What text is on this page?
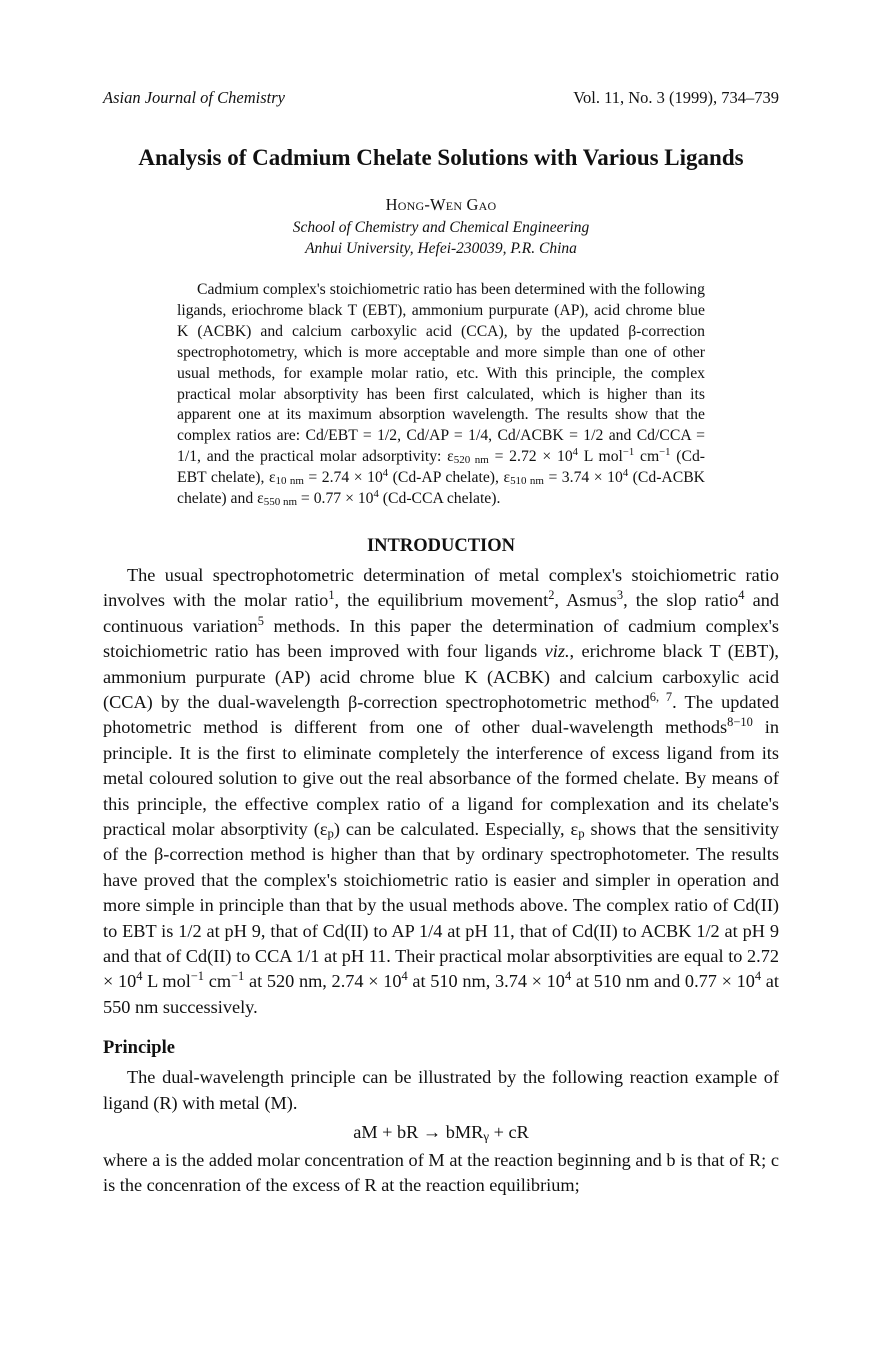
Asian Journal of Chemistry	Vol. 11, No. 3 (1999), 734–739
Analysis of Cadmium Chelate Solutions with Various Ligands
Hong-Wen Gao
School of Chemistry and Chemical Engineering
Anhui University, Hefei-230039, P.R. China
Cadmium complex's stoichiometric ratio has been determined with the following ligands, eriochrome black T (EBT), ammonium purpurate (AP), acid chrome blue K (ACBK) and calcium carboxylic acid (CCA), by the updated β-correction spectrophotometry, which is more acceptable and more simple than one of other usual methods, for example molar ratio, etc. With this principle, the complex practical molar absorptivity has been first calculated, which is higher than its apparent one at its maximum absorption wavelength. The results show that the complex ratios are: Cd/EBT = 1/2, Cd/AP = 1/4, Cd/ACBK = 1/2 and Cd/CCA = 1/1, and the practical molar adsorptivity: $\varepsilon_{520 nm} = 2.72 \times 10^4$ L mol$^{-1}$ $cm^{-1}$ (Cd-EBT chelate), $\varepsilon_{10 nm} = 2.74 \times 10^4$ (Cd-AP chelate), $\varepsilon_{510 nm} = 3.74 \times 10^4$ (Cd-ACBK chelate) and $\varepsilon_{550 nm} = 0.77 \times 10^4$ (Cd-CCA chelate).
INTRODUCTION
The usual spectrophotometric determination of metal complex's stoichiometric ratio involves with the molar ratio$^1$, the equilibrium movement$^2$, Asmus$^3$, the slop ratio$^4$ and continuous variation$^5$ methods. In this paper the determination of cadmium complex's stoichiometric ratio has been improved with four ligands viz., erichrome black T (EBT), ammonium purpurate (AP) acid chrome blue K (ACBK) and calcium carboxylic acid (CCA) by the dual-wavelength β-correction spectrophotometric method$^{6, 7}$. The updated photometric method is different from one of other dual-wavelength methods$^{8-10}$ in principle. It is the first to eliminate completely the interference of excess ligand from its metal coloured solution to give out the real absorbance of the formed chelate. By means of this principle, the effective complex ratio of a ligand for complexation and its chelate's practical molar absorptivity $(\varepsilon_p)$ can be calculated. Especially, $\varepsilon_p$ shows that the sensitivity of the β-correction method is higher than that by ordinary spectrophotometer. The results have proved that the complex's stoichiometric ratio is easier and simpler in operation and more simple in principle than that by the usual methods above. The complex ratio of Cd(II) to EBT is 1/2 at pH 9, that of Cd(II) to AP 1/4 at pH 11, that of Cd(II) to ACBK 1/2 at pH 9 and that of Cd(II) to CCA 1/1 at pH 11. Their practical molar absorptivities are equal to $2.72 \times 10^4$ L mol$^{-1}$ $cm^{-1}$ at 520 nm, $2.74 \times 10^4$ at 510 nm, $3.74 \times 10^4$ at 510 nm and $0.77 \times 10^4$ at 550 nm successively.
Principle
The dual-wavelength principle can be illustrated by the following reaction example of ligand (R) with metal (M).
aM + bR → bMR$_\gamma$ + cR
where a is the added molar concentration of M at the reaction beginning and b is that of R; c is the concenration of the excess of R at the reaction equilibrium;
